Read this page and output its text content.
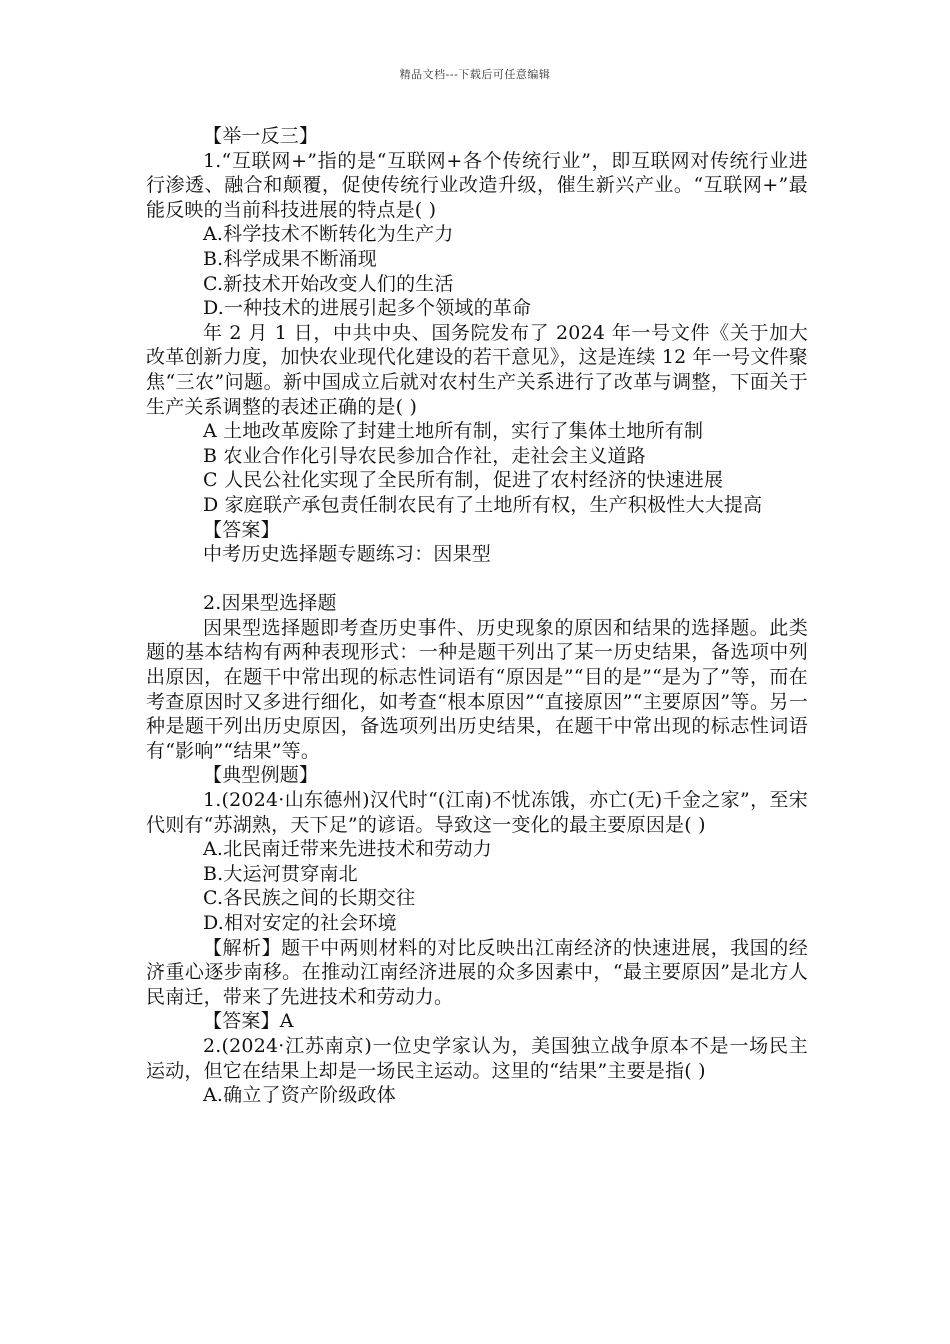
精品文档---下载后可任意编辑

【举一反三】

1.“互联网+”指的是“互联网+各个传统行业”，即互联网对传统行业进行渗透、融合和颠覆，促使传统行业改造升级，催生新兴产业。“互联网+”最能反映的当前科技进展的特点是( )

A.科学技术不断转化为生产力

B.科学成果不断涌现

C.新技术开始改变人们的生活

D.一种技术的进展引起多个领域的革命

年 2 月 1 日，中共中央、国务院发布了 2024 年一号文件《关于加大改革创新力度，加快农业现代化建设的若干意见》，这是连续 12 年一号文件聚焦“三农”问题。新中国成立后就对农村生产关系进行了改革与调整，下面关于生产关系调整的表述正确的是( )

A 土地改革废除了封建土地所有制，实行了集体土地所有制

B 农业合作化引导农民参加合作社，走社会主义道路

C 人民公社化实现了全民所有制，促进了农村经济的快速进展

D 家庭联产承包责任制农民有了土地所有权，生产积极性大大提高

【答案】

中考历史选择题专题练习：因果型

2.因果型选择题

因果型选择题即考查历史事件、历史现象的原因和结果的选择题。此类题的基本结构有两种表现形式：一种是题干列出了某一历史结果，备选项中列出原因，在题干中常出现的标志性词语有“原因是”“目的是”“是为了”等，而在考查原因时又多进行细化，如考查“根本原因”“直接原因”“主要原因”等。另一种是题干列出历史原因，备选项列出历史结果，在题干中常出现的标志性词语有“影响”“结果”等。

【典型例题】

1.(2024·山东德州)汉代时“(江南)不忧冻饿，亦亡(无)千金之家”，至宋代则有“苏湖熟，天下足”的谚语。导致这一变化的最主要原因是( )

A.北民南迁带来先进技术和劳动力

B.大运河贯穿南北

C.各民族之间的长期交往

D.相对安定的社会环境

【解析】题干中两则材料的对比反映出江南经济的快速进展，我国的经济重心逐步南移。在推动江南经济进展的众多因素中，“最主要原因”是北方人民南迁，带来了先进技术和劳动力。

【答案】A

2.(2024·江苏南京)一位史学家认为，美国独立战争原本不是一场民主运动，但它在结果上却是一场民主运动。这里的“结果”主要是指( )

A.确立了资产阶级政体
